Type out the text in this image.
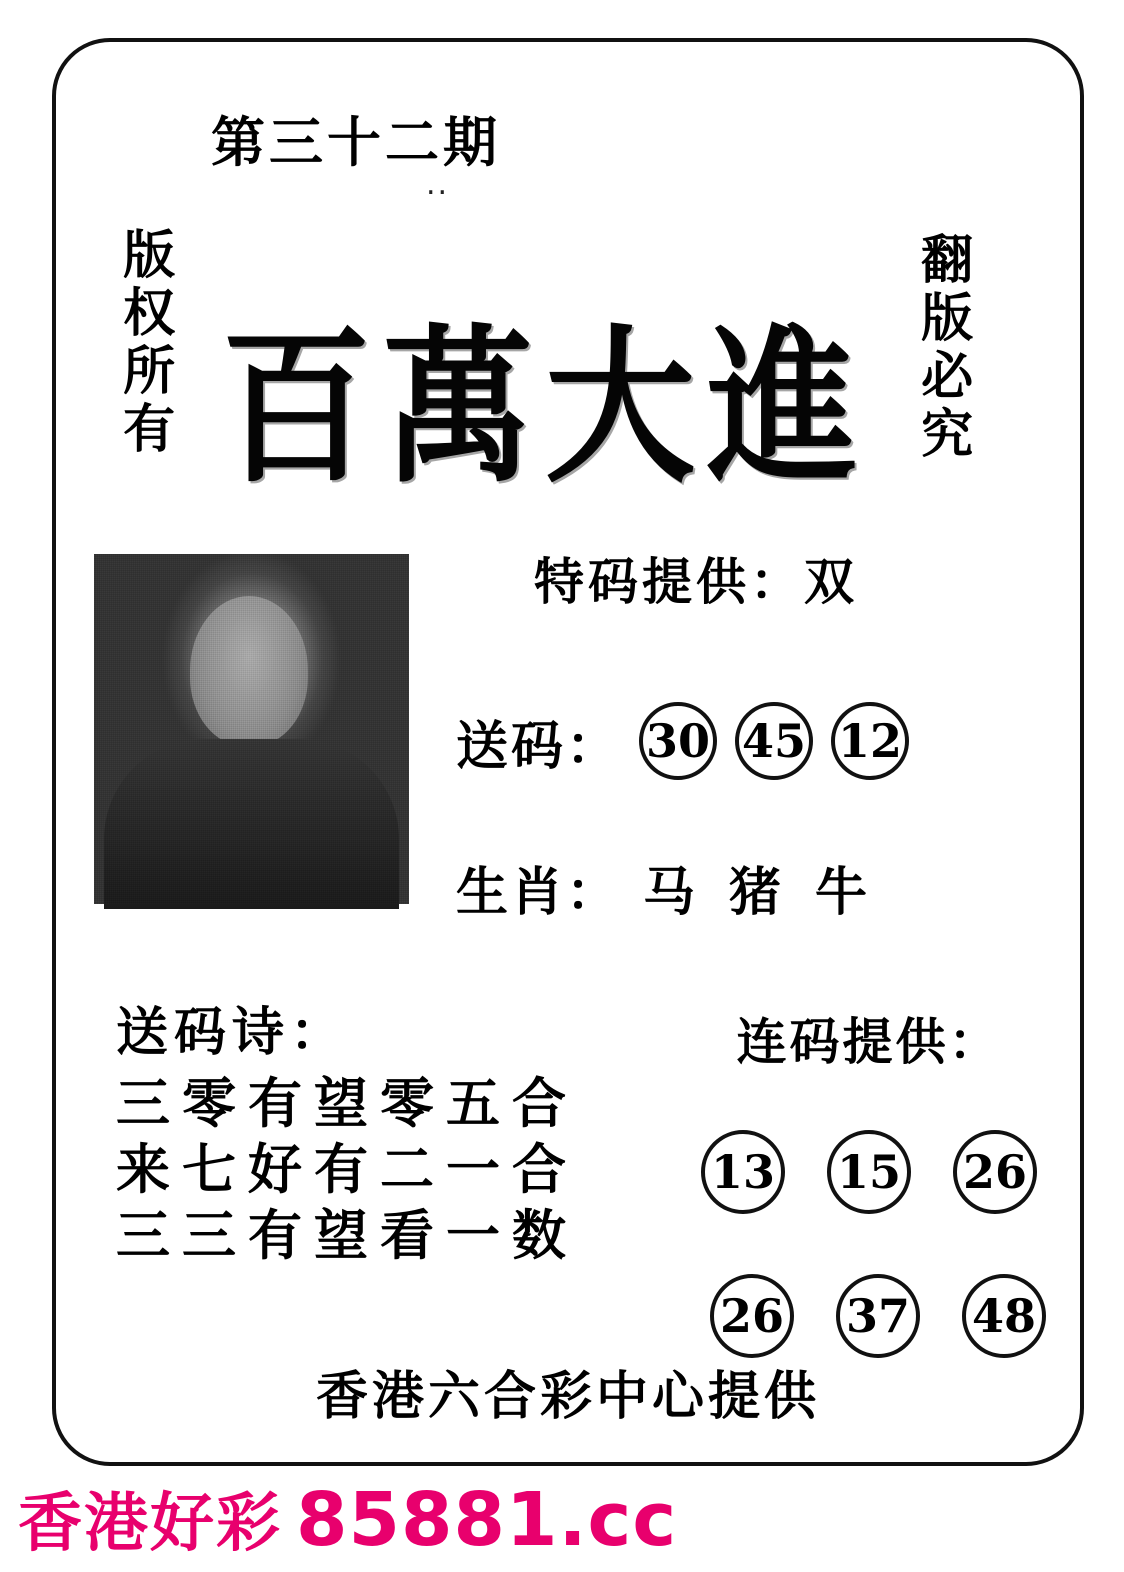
第三十二期
..
版权所有	翻版必究
百萬大進
特码提供：双
送码： 30 45 12
生肖： 马 猪 牛
送码诗：
三零有望零五合
来七好有二一合
三三有望看一数
连码提供：
13 15 26
26 37 48
香港六合彩中心提供
香港好彩 85881.cc
